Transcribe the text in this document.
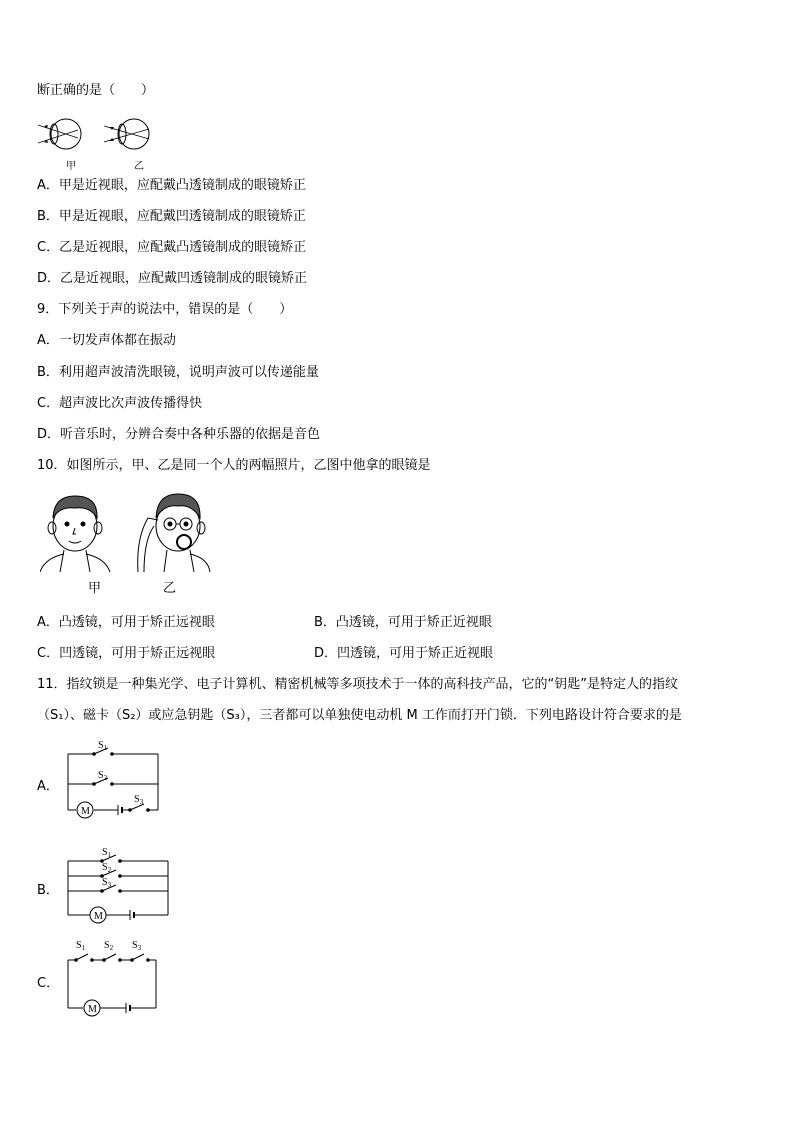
断正确的是（　　）
甲	乙
A．甲是近视眼，应配戴凸透镜制成的眼镜矫正
B．甲是近视眼，应配戴凹透镜制成的眼镜矫正
C．乙是近视眼，应配戴凸透镜制成的眼镜矫正
D．乙是近视眼，应配戴凹透镜制成的眼镜矫正
9．下列关于声的说法中，错误的是（　　）
A．一切发声体都在振动
B．利用超声波清洗眼镜，说明声波可以传递能量
C．超声波比次声波传播得快
D．听音乐时，分辨合奏中各种乐器的依据是音色
10．如图所示，甲、乙是同一个人的两幅照片，乙图中他拿的眼镜是
甲	乙
A．凸透镜，可用于矫正远视眼	B．凸透镜，可用于矫正近视眼
C．凹透镜，可用于矫正远视眼	D．凹透镜，可用于矫正近视眼
11．指纹锁是一种集光学、电子计算机、精密机械等多项技术于一体的高科技产品，它的“钥匙”是特定人的指纹
（S₁）、磁卡（S₂）或应急钥匙（S₃），三者都可以单独使电动机 M 工作而打开门锁．下列电路设计符合要求的是
A．
$S_1$
$S_2$
$S_3$
M
B．
$S_1$
$S_2$
$S_3$
M
C．
$S_1$ $S_2$ $S_3$
M
